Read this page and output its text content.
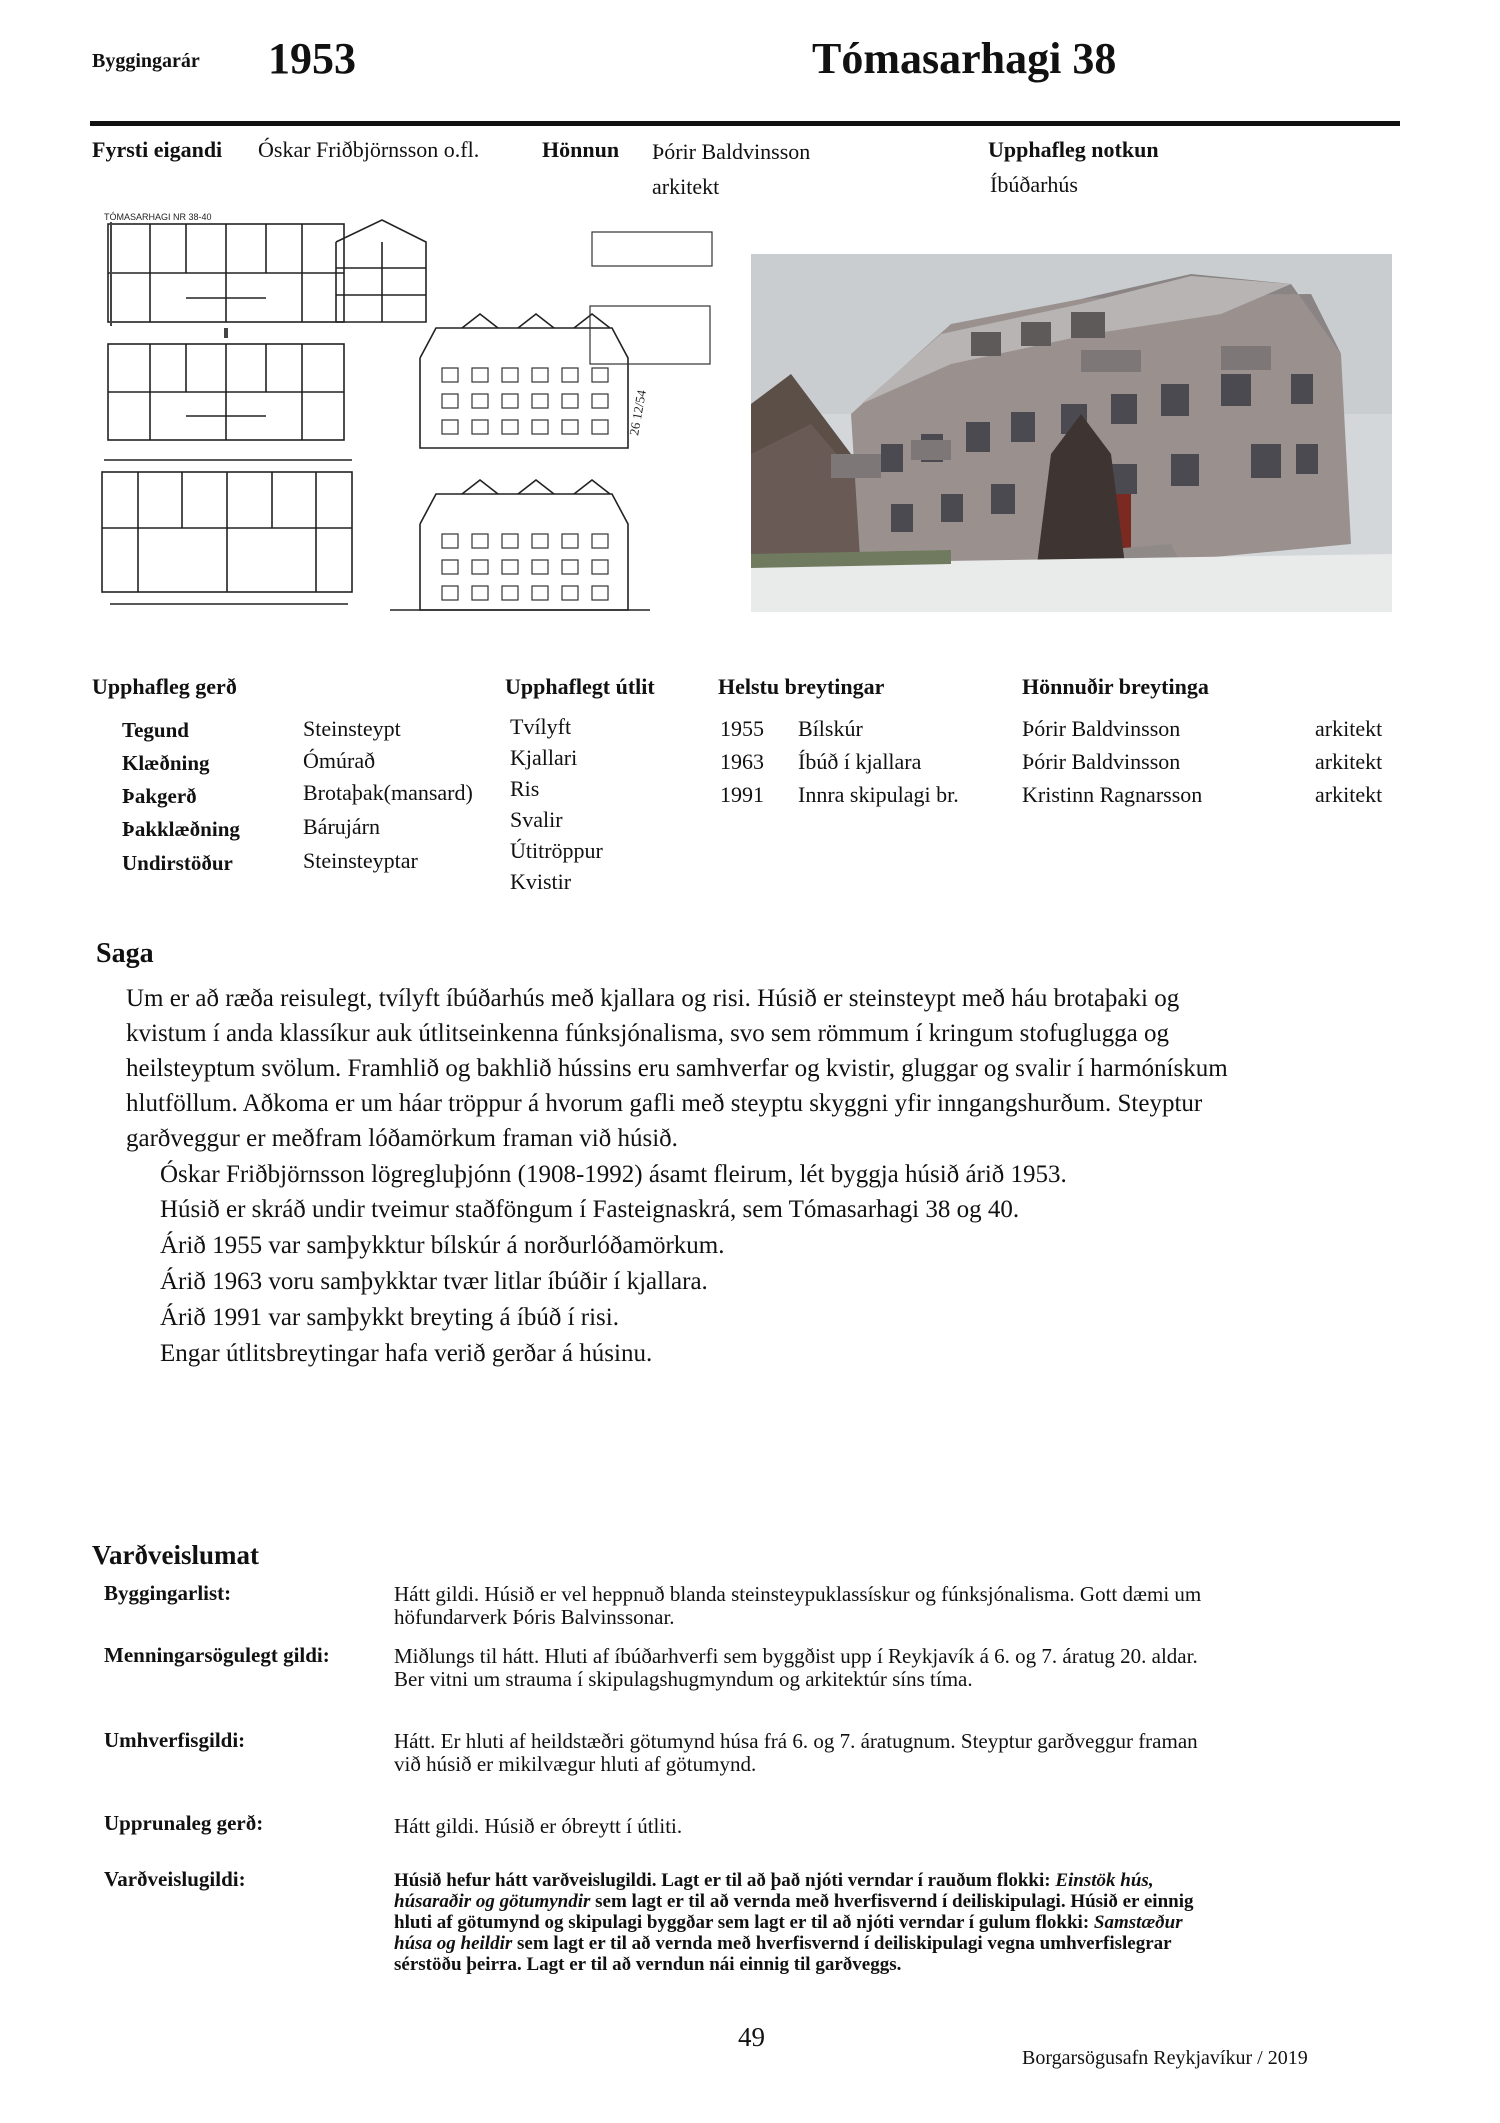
Byggingarár 1953	Tómasarhagi 38
Fyrsti eigandi Óskar Friðbjörnsson o.fl.	Hönnun Þórir Baldvinsson
arkitekt
Upphafleg notkun
Íbúðarhús
TÓMASARHAGI NR 38-40
26 12/54
Upphafleg gerð
Tegund	Steinsteypt
Klæðning	Ómúrað
Þakgerð	Brotaþak(mansard)
Þakklæðning	Bárujárn
Undirstöður	Steinsteyptar
Upphaflegt útlit
Tvílyft
Kjallari
Ris
Svalir
Útitröppur
Kvistir
Helstu breytingar	Hönnuðir breytinga
1955 Bílskúr	Þórir Baldvinsson	arkitekt
1963 Íbúð í kjallara	Þórir Baldvinsson	arkitekt
1991 Innra skipulagi br.	Kristinn Ragnarsson	arkitekt
Saga
Um er að ræða reisulegt, tvílyft íbúðarhús með kjallara og risi. Húsið er steinsteypt með háu brotaþaki og
kvistum í anda klassíkur auk útlitseinkenna fúnksjónalisma, svo sem römmum í kringum stofuglugga og
heilsteyptum svölum. Framhlið og bakhlið hússins eru samhverfar og kvistir, gluggar og svalir í harmónískum
hlutföllum. Aðkoma er um háar tröppur á hvorum gafli með steyptu skyggni yfir inngangshurðum. Steyptur
garðveggur er meðfram lóðamörkum framan við húsið.
Óskar Friðbjörnsson lögregluþjónn (1908-1992) ásamt fleirum, lét byggja húsið árið 1953.
Húsið er skráð undir tveimur staðföngum í Fasteignaskrá, sem Tómasarhagi 38 og 40.
Árið 1955 var samþykktur bílskúr á norðurlóðamörkum.
Árið 1963 voru samþykktar tvær litlar íbúðir í kjallara.
Árið 1991 var samþykkt breyting á íbúð í risi.
Engar útlitsbreytingar hafa verið gerðar á húsinu.
Varðveislumat
Byggingarlist:	Hátt gildi. Húsið er vel heppnuð blanda steinsteypuklassískur og fúnksjónalisma. Gott dæmi um
höfundarverk Þóris Balvinssonar.
Menningarsögulegt gildi:	Miðlungs til hátt. Hluti af íbúðarhverfi sem byggðist upp í Reykjavík á 6. og 7. áratug 20. aldar.
Ber vitni um strauma í skipulagshugmyndum og arkitektúr síns tíma.
Umhverfisgildi:	Hátt. Er hluti af heildstæðri götumynd húsa frá 6. og 7. áratugnum. Steyptur garðveggur framan
við húsið er mikilvægur hluti af götumynd.
Upprunaleg gerð:	Hátt gildi. Húsið er óbreytt í útliti.
Varðveislugildi:	Húsið hefur hátt varðveislugildi. Lagt er til að það njóti verndar í rauðum flokki: Einstök hús,
húsaraðir og götumyndir sem lagt er til að vernda með hverfisvernd í deiliskipulagi. Húsið er einnig
hluti af götumynd og skipulagi byggðar sem lagt er til að njóti verndar í gulum flokki: Samstæður
húsa og heildir sem lagt er til að vernda með hverfisvernd í deiliskipulagi vegna umhverfislegrar
sérstöðu þeirra. Lagt er til að verndun nái einnig til garðveggs.
49
Borgarsögusafn Reykjavíkur / 2019
